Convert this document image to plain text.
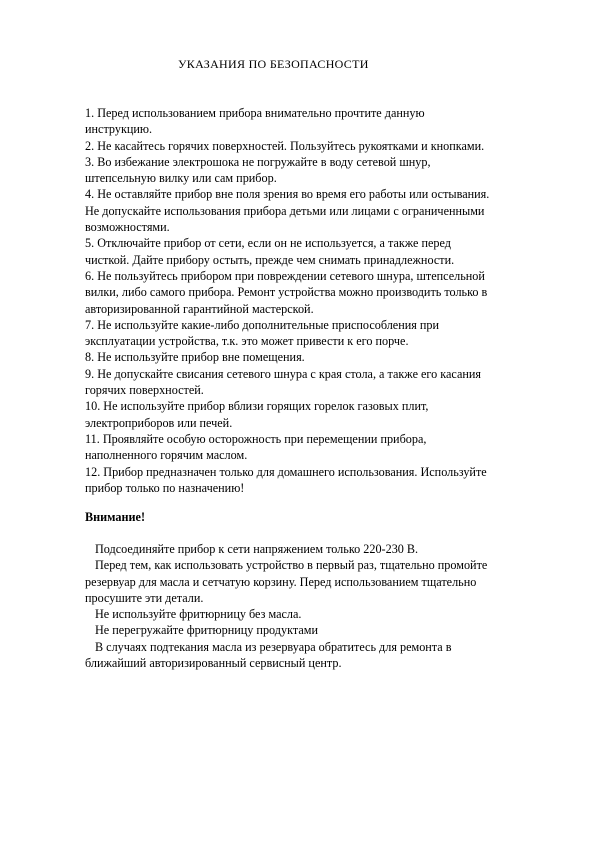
УКАЗАНИЯ ПО БЕЗОПАСНОСТИ
1. Перед использованием прибора внимательно прочтите данную
инструкцию.
2. Не касайтесь горячих поверхностей. Пользуйтесь рукоятками и кнопками.
3. Во избежание электрошока не погружайте в воду сетевой шнур,
штепсельную вилку или сам прибор.
4. Не оставляйте прибор вне поля зрения во время его работы или остывания.
Не допускайте использования прибора детьми или лицами с ограниченными
возможностями.
5. Отключайте прибор от сети, если он не используется, а также перед
чисткой. Дайте прибору остыть, прежде чем снимать принадлежности.
6. Не пользуйтесь прибором при повреждении сетевого шнура, штепсельной
вилки, либо самого прибора. Ремонт устройства можно производить только в
авторизированной гарантийной мастерской.
7. Не используйте какие-либо дополнительные приспособления при
эксплуатации устройства, т.к. это может привести к его порче.
8. Не используйте прибор вне помещения.
9. Не допускайте свисания сетевого шнура с края стола, а также его касания
горячих поверхностей.
10. Не используйте прибор вблизи горящих горелок газовых плит,
электроприборов или печей.
11. Проявляйте особую осторожность при перемещении прибора,
наполненного горячим маслом.
12. Прибор предназначен только для домашнего использования. Используйте
прибор только по назначению!
Внимание!
Подсоединяйте прибор к сети напряжением только 220-230 В.
Перед тем, как использовать устройство в первый раз, тщательно промойте
резервуар для масла и сетчатую корзину. Перед использованием тщательно
просушите эти детали.
Не используйте фритюрницу без масла.
Не перегружайте фритюрницу продуктами
В случаях подтекания масла из резервуара обратитесь для ремонта в
ближайший авторизированный сервисный центр.
